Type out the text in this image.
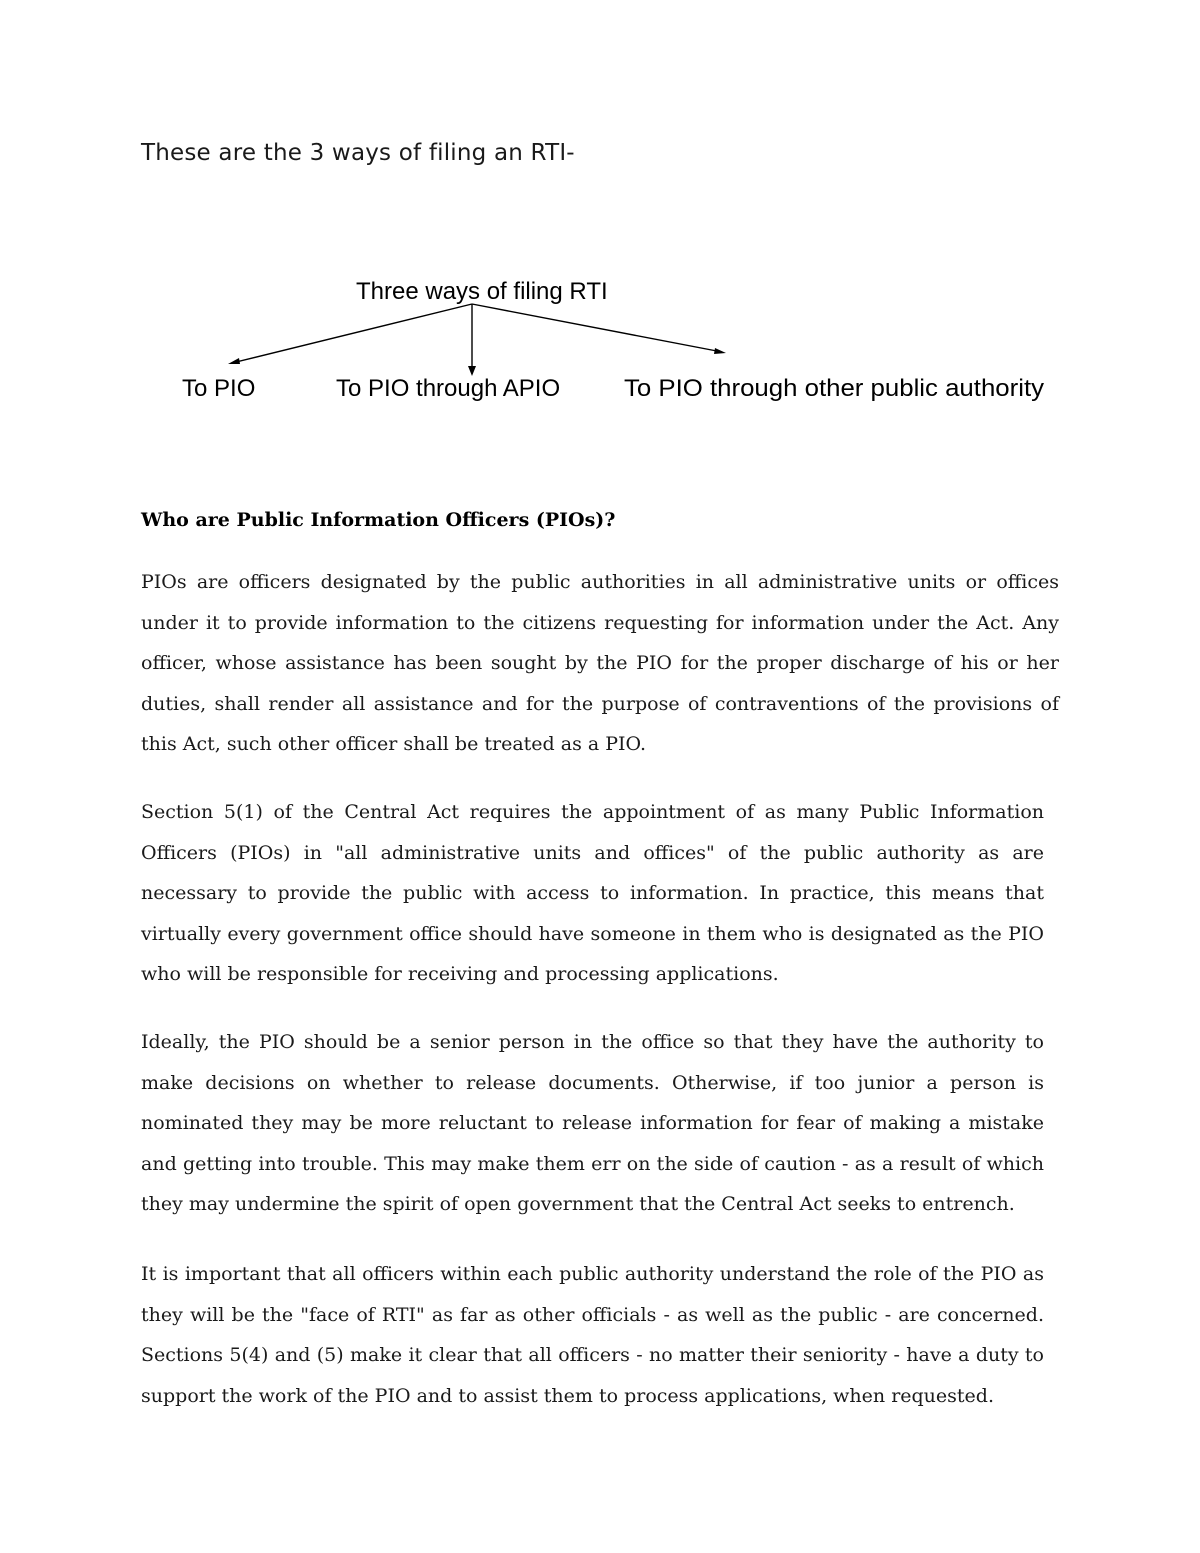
These are the 3 ways of filing an RTI-

Three ways of filing RTI
To PIO	To PIO through APIO	To PIO through other public authority
Who are Public Information Officers (PIOs)?

PIOs are officers designated by the public authorities in all administrative units or offices under it to provide information to the citizens requesting for information under the Act. Any officer, whose assistance has been sought by the PIO for the proper discharge of his or her duties, shall render all assistance and for the purpose of contraventions of the provisions of this Act, such other officer shall be treated as a PIO.

Section 5(1) of the Central Act requires the appointment of as many Public Information Officers (PIOs) in "all administrative units and offices" of the public authority as are necessary to provide the public with access to information. In practice, this means that virtually every government office should have someone in them who is designated as the PIO who will be responsible for receiving and processing applications.

Ideally, the PIO should be a senior person in the office so that they have the authority to make decisions on whether to release documents. Otherwise, if too junior a person is nominated they may be more reluctant to release information for fear of making a mistake and getting into trouble. This may make them err on the side of caution - as a result of which they may undermine the spirit of open government that the Central Act seeks to entrench.

It is important that all officers within each public authority understand the role of the PIO as they will be the "face of RTI" as far as other officials - as well as the public - are concerned. Sections 5(4) and (5) make it clear that all officers - no matter their seniority - have a duty to support the work of the PIO and to assist them to process applications, when requested.
